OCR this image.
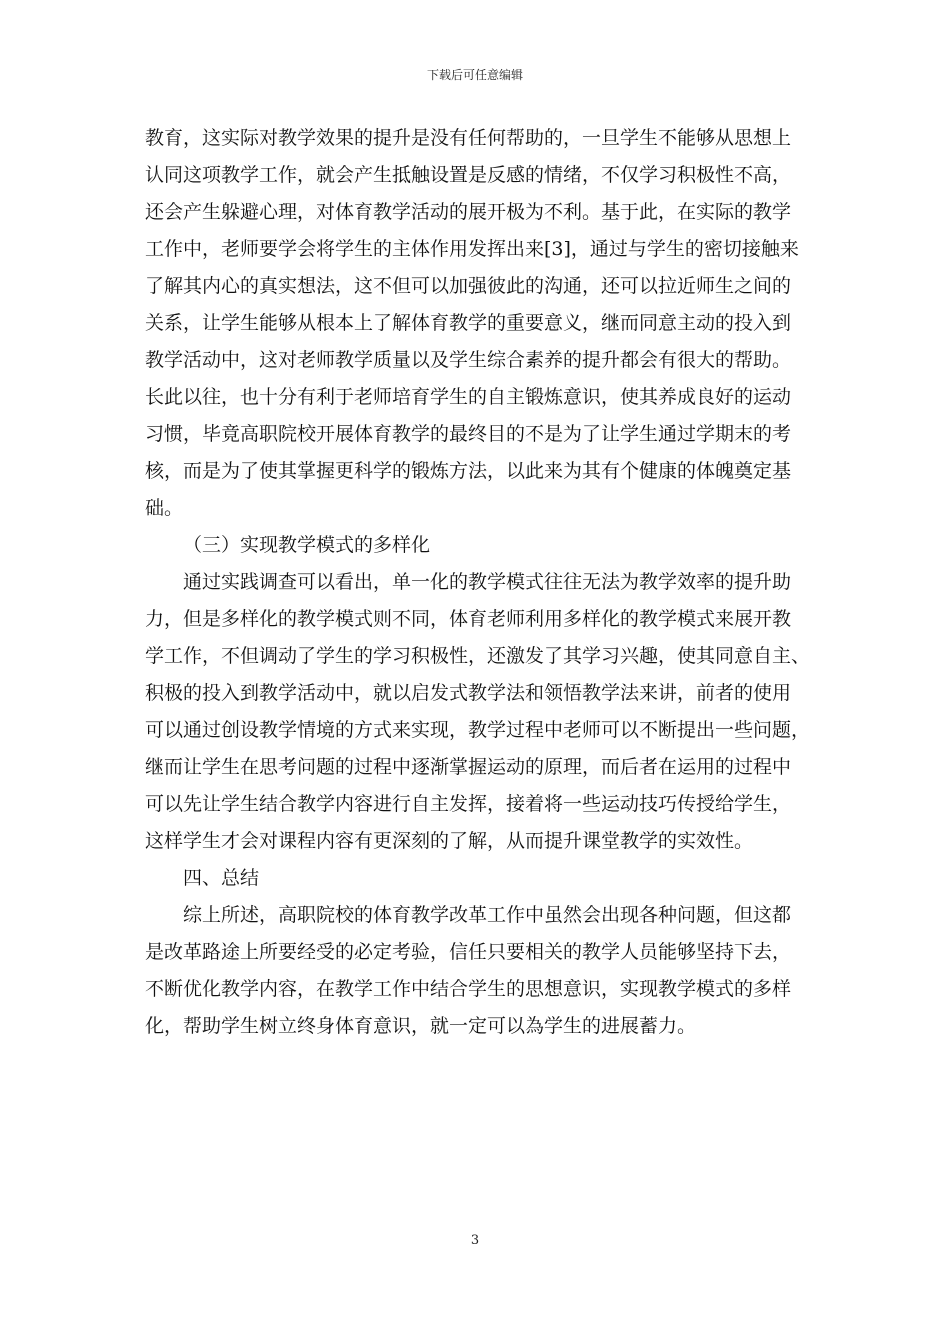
下载后可任意编辑
教育，这实际对教学效果的提升是没有任何帮助的，一旦学生不能够从思想上
认同这项教学工作，就会产生抵触设置是反感的情绪，不仅学习积极性不高，
还会产生躲避心理，对体育教学活动的展开极为不利。基于此，在实际的教学
工作中，老师要学会将学生的主体作用发挥出来[3]，通过与学生的密切接触来
了解其内心的真实想法，这不但可以加强彼此的沟通，还可以拉近师生之间的
关系，让学生能够从根本上了解体育教学的重要意义，继而同意主动的投入到
教学活动中，这对老师教学质量以及学生综合素养的提升都会有很大的帮助。
长此以往，也十分有利于老师培育学生的自主锻炼意识，使其养成良好的运动
习惯，毕竟高职院校开展体育教学的最终目的不是为了让学生通过学期末的考
核，而是为了使其掌握更科学的锻炼方法，以此来为其有个健康的体魄奠定基
础。
（三）实现教学模式的多样化
通过实践调查可以看出，单一化的教学模式往往无法为教学效率的提升助
力，但是多样化的教学模式则不同，体育老师利用多样化的教学模式来展开教
学工作，不但调动了学生的学习积极性，还激发了其学习兴趣，使其同意自主、
积极的投入到教学活动中，就以启发式教学法和领悟教学法来讲，前者的使用
可以通过创设教学情境的方式来实现，教学过程中老师可以不断提出一些问题，
继而让学生在思考问题的过程中逐渐掌握运动的原理，而后者在运用的过程中
可以先让学生结合教学内容进行自主发挥，接着将一些运动技巧传授给学生，
这样学生才会对课程内容有更深刻的了解，从而提升课堂教学的实效性。
四、总结
综上所述，高职院校的体育教学改革工作中虽然会出现各种问题，但这都
是改革路途上所要经受的必定考验，信任只要相关的教学人员能够坚持下去，
不断优化教学内容，在教学工作中结合学生的思想意识，实现教学模式的多样
化，帮助学生树立终身体育意识，就一定可以為学生的进展蓄力。
3
